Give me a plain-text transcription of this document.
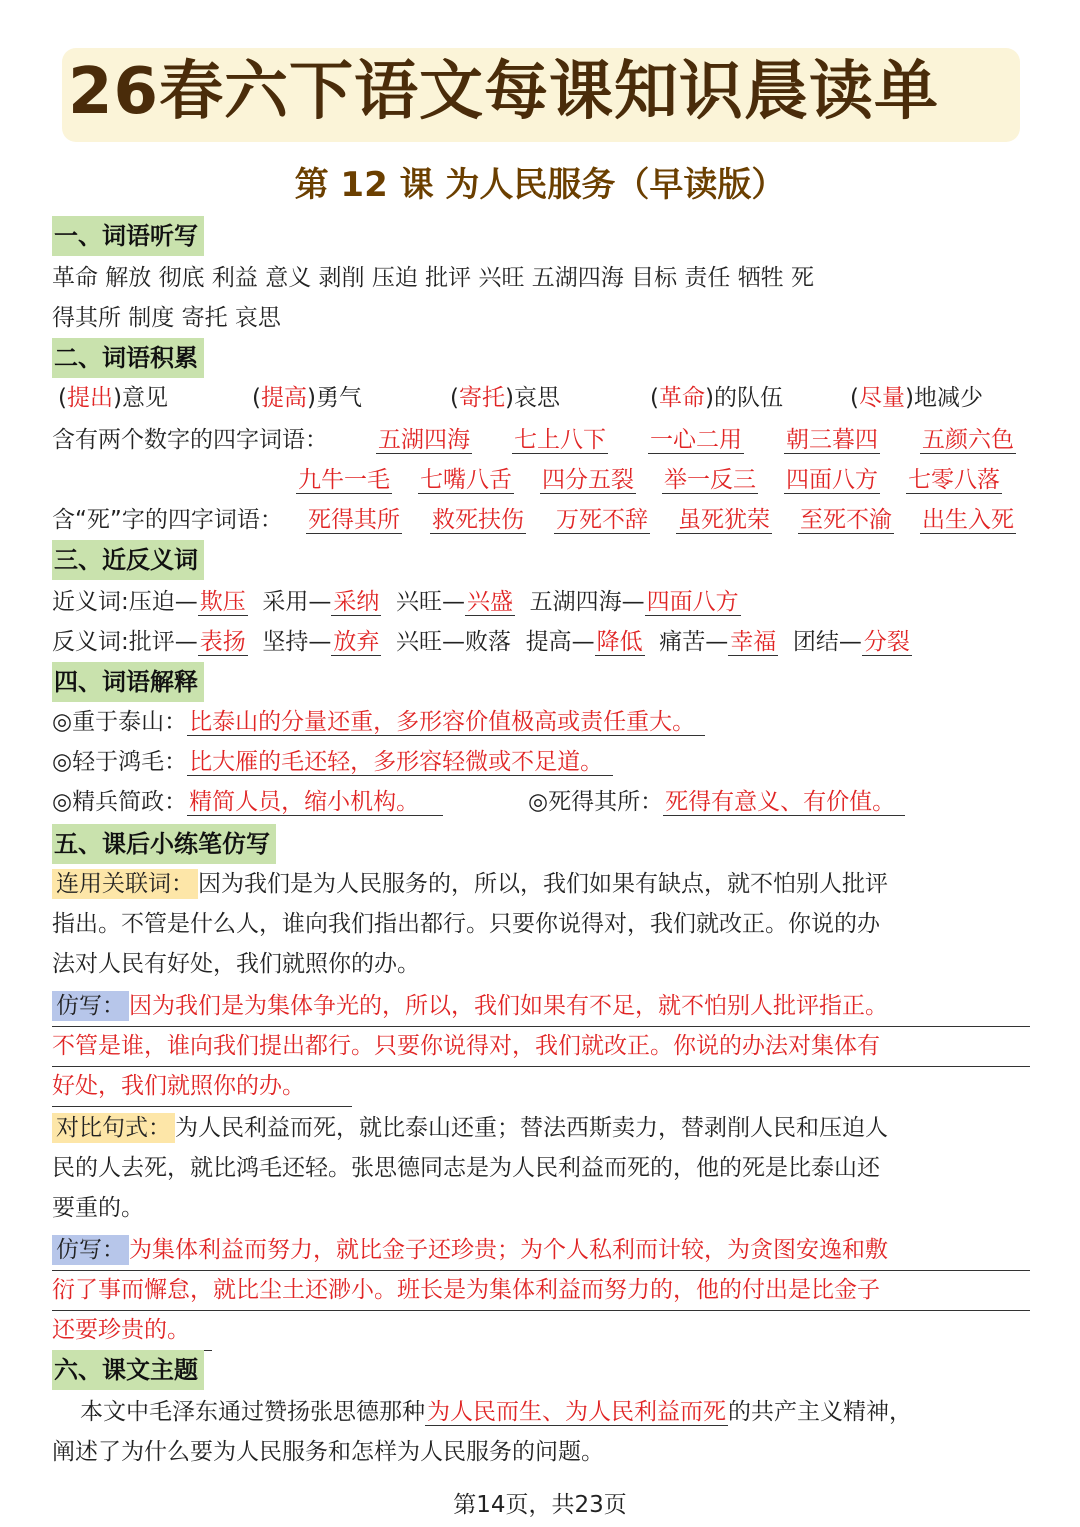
26春六下语文每课知识晨读单
第 12 课 为人民服务（早读版）
一、词语听写
革命 解放 彻底 利益 意义 剥削 压迫 批评 兴旺 五湖四海 目标 责任 牺牲 死
得其所 制度 寄托 哀思
二、词语积累
(提出)意见	(提高)勇气	(寄托)哀思	(革命)的队伍	(尽量)地减少
含有两个数字的四字词语： 五湖四海 七上八下 一心二用 朝三暮四 五颜六色
九牛一毛 七嘴八舌 四分五裂 举一反三 四面八方 七零八落
含“死”字的四字词语： 死得其所 救死扶伤 万死不辞 虽死犹荣 至死不渝 出生入死
三、近反义词
近义词:压迫—欺压 采用—采纳 兴旺—兴盛 五湖四海—四面八方
反义词:批评—表扬 坚持—放弃 兴旺—败落 提高—降低 痛苦—幸福 团结—分裂
四、词语解释
◎重于泰山：比泰山的分量还重，多形容价值极高或责任重大。
◎轻于鸿毛：比大雁的毛还轻，多形容轻微或不足道。
◎精兵简政：精简人员，缩小机构。	◎死得其所：死得有意义、有价值。
五、课后小练笔仿写
连用关联词： 因为我们是为人民服务的，所以，我们如果有缺点，就不怕别人批评
指出。不管是什么人，谁向我们指出都行。只要你说得对，我们就改正。你说的办
法对人民有好处，我们就照你的办。
仿写： 因为我们是为集体争光的，所以，我们如果有不足，就不怕别人批评指正。
不管是谁，谁向我们提出都行。只要你说得对，我们就改正。你说的办法对集体有
好处，我们就照你的办。
对比句式： 为人民利益而死，就比泰山还重；替法西斯卖力，替剥削人民和压迫人
民的人去死，就比鸿毛还轻。张思德同志是为人民利益而死的，他的死是比泰山还
要重的。
仿写： 为集体利益而努力，就比金子还珍贵；为个人私利而计较，为贪图安逸和敷
衍了事而懈怠，就比尘土还渺小。班长是为集体利益而努力的，他的付出是比金子
还要珍贵的。
六、课文主题
本文中毛泽东通过赞扬张思德那种为人民而生、为人民利益而死的共产主义精神，
阐述了为什么要为人民服务和怎样为人民服务的问题。
第14页，共23页
